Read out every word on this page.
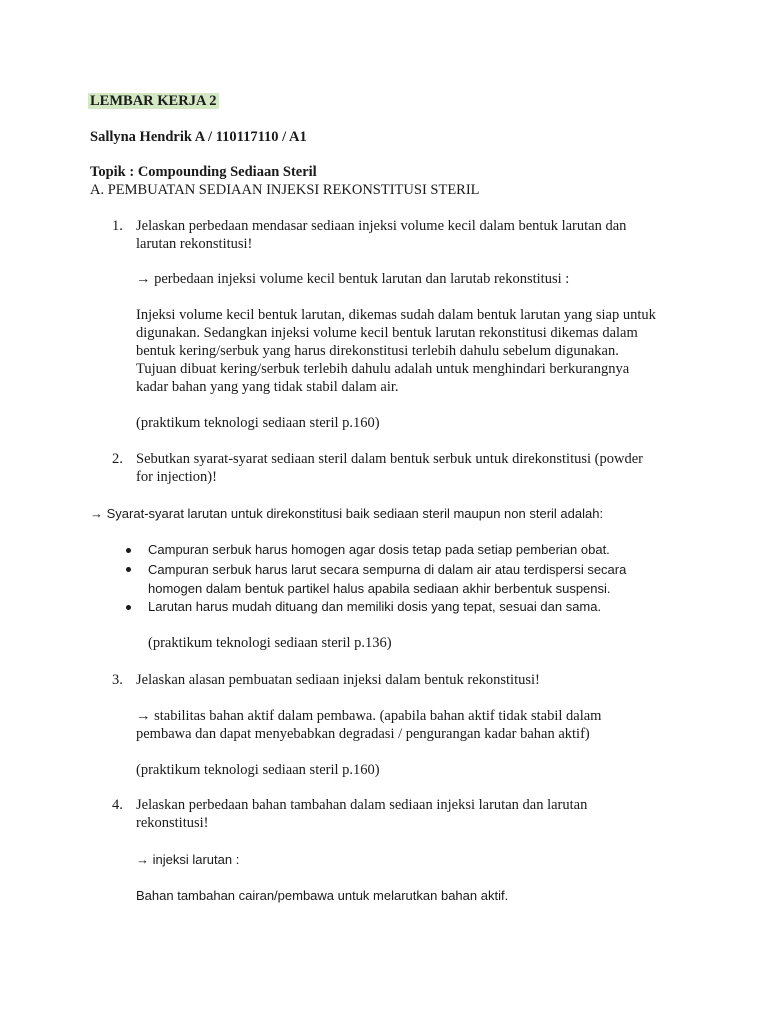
LEMBAR KERJA 2
Sallyna Hendrik A / 110117110 / A1
Topik : Compounding Sediaan Steril
A. PEMBUATAN SEDIAAN INJEKSI REKONSTITUSI STERIL
1. Jelaskan perbedaan mendasar sediaan injeksi volume kecil dalam bentuk larutan dan
larutan rekonstitusi!
→ perbedaan injeksi volume kecil bentuk larutan dan larutab rekonstitusi :
Injeksi volume kecil bentuk larutan, dikemas sudah dalam bentuk larutan yang siap untuk
digunakan. Sedangkan injeksi volume kecil bentuk larutan rekonstitusi dikemas dalam
bentuk kering/serbuk yang harus direkonstitusi terlebih dahulu sebelum digunakan.
Tujuan dibuat kering/serbuk terlebih dahulu adalah untuk menghindari berkurangnya
kadar bahan yang yang tidak stabil dalam air.
(praktikum teknologi sediaan steril p.160)
2. Sebutkan syarat-syarat sediaan steril dalam bentuk serbuk untuk direkonstitusi (powder
for injection)!
→ Syarat-syarat larutan untuk direkonstitusi baik sediaan steril maupun non steril adalah:
Campuran serbuk harus homogen agar dosis tetap pada setiap pemberian obat.
Campuran serbuk harus larut secara sempurna di dalam air atau terdispersi secara
homogen dalam bentuk partikel halus apabila sediaan akhir berbentuk suspensi.
Larutan harus mudah dituang dan memiliki dosis yang tepat, sesuai dan sama.
(praktikum teknologi sediaan steril p.136)
3. Jelaskan alasan pembuatan sediaan injeksi dalam bentuk rekonstitusi!
→ stabilitas bahan aktif dalam pembawa. (apabila bahan aktif tidak stabil dalam
pembawa dan dapat menyebabkan degradasi / pengurangan kadar bahan aktif)
(praktikum teknologi sediaan steril p.160)
4. Jelaskan perbedaan bahan tambahan dalam sediaan injeksi larutan dan larutan
rekonstitusi!
→ injeksi larutan :
Bahan tambahan cairan/pembawa untuk melarutkan bahan aktif.
